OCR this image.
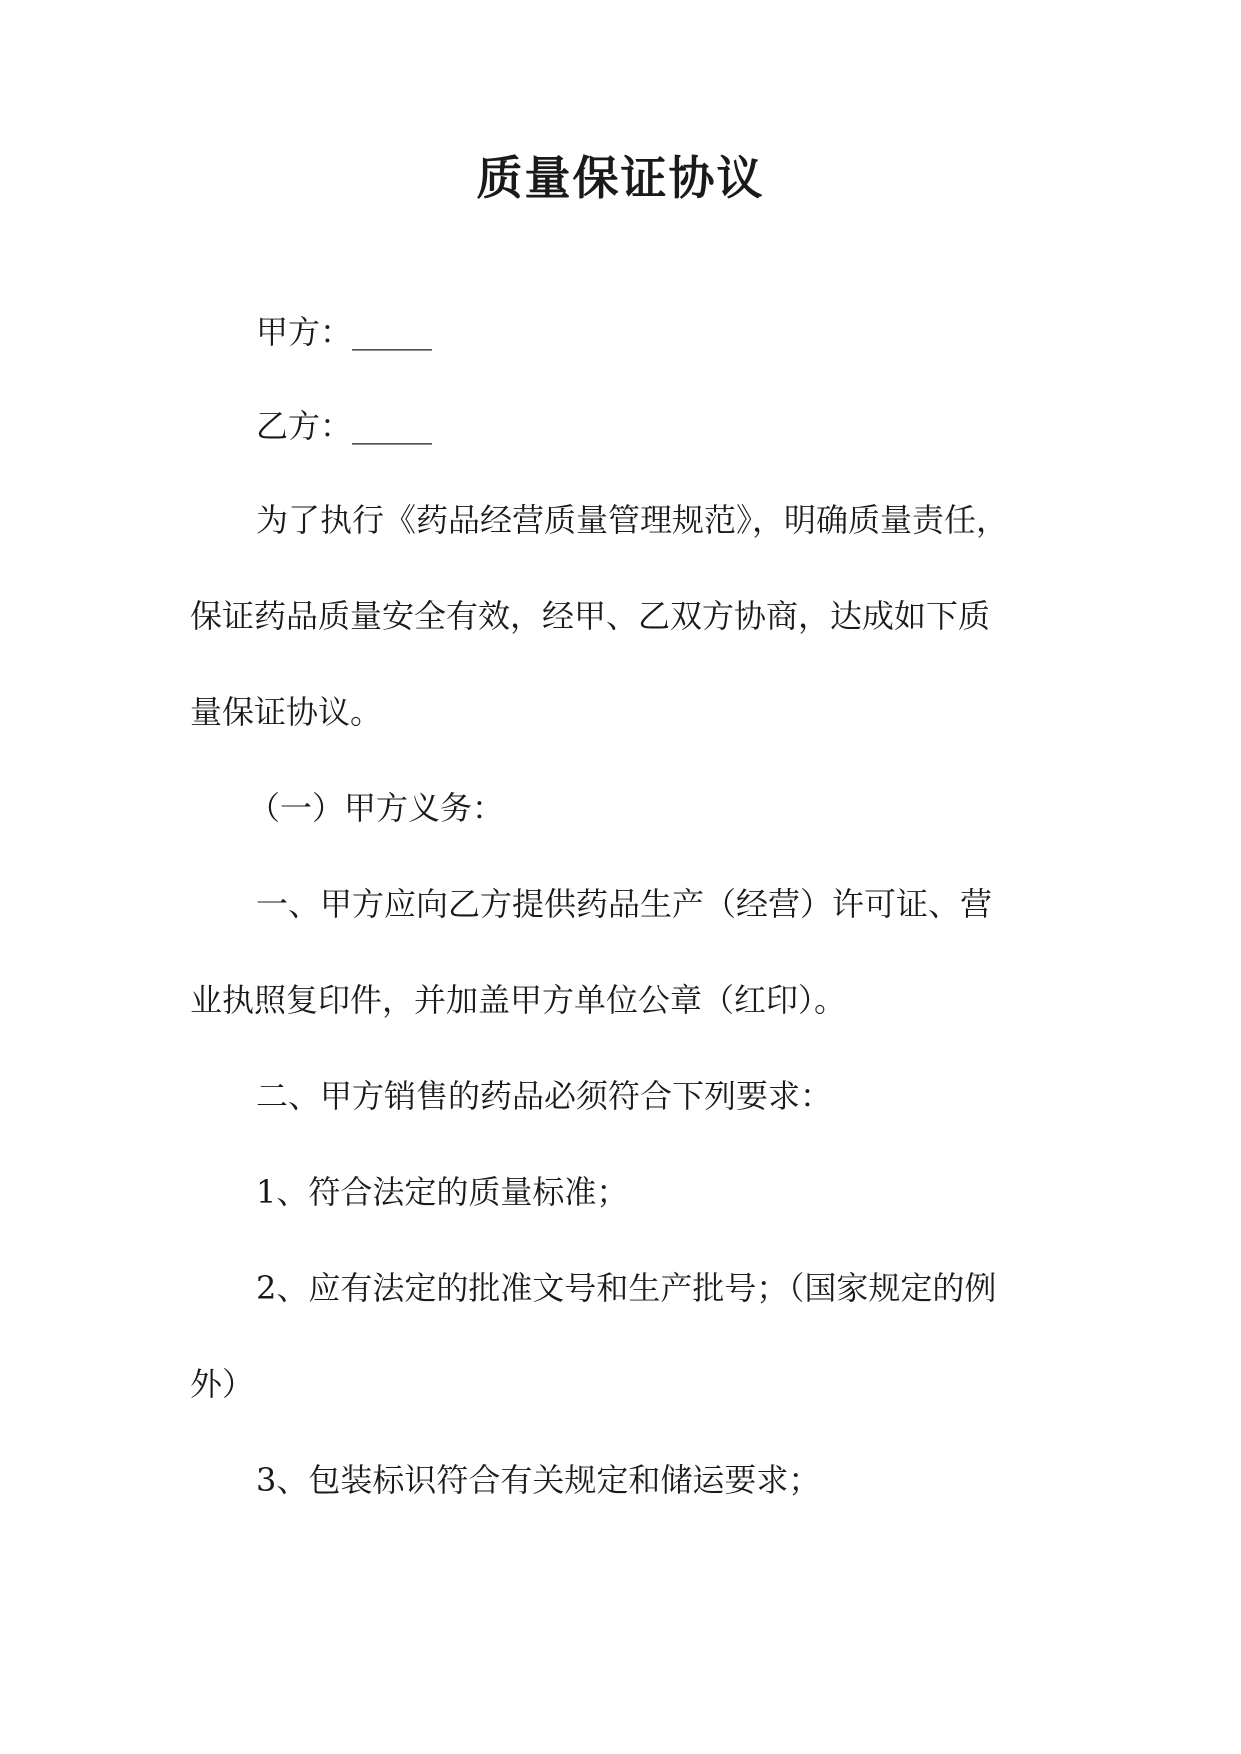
质量保证协议

甲方：_____

乙方：_____

为了执行《药品经营质量管理规范》，明确质量责任，

保证药品质量安全有效，经甲、乙双方协商，达成如下质

量保证协议。

（一）甲方义务：

一、甲方应向乙方提供药品生产（经营）许可证、营

业执照复印件，并加盖甲方单位公章（红印）。

二、甲方销售的药品必须符合下列要求：

1、符合法定的质量标准；

2、应有法定的批准文号和生产批号；（国家规定的例

外）

3、包装标识符合有关规定和储运要求；
